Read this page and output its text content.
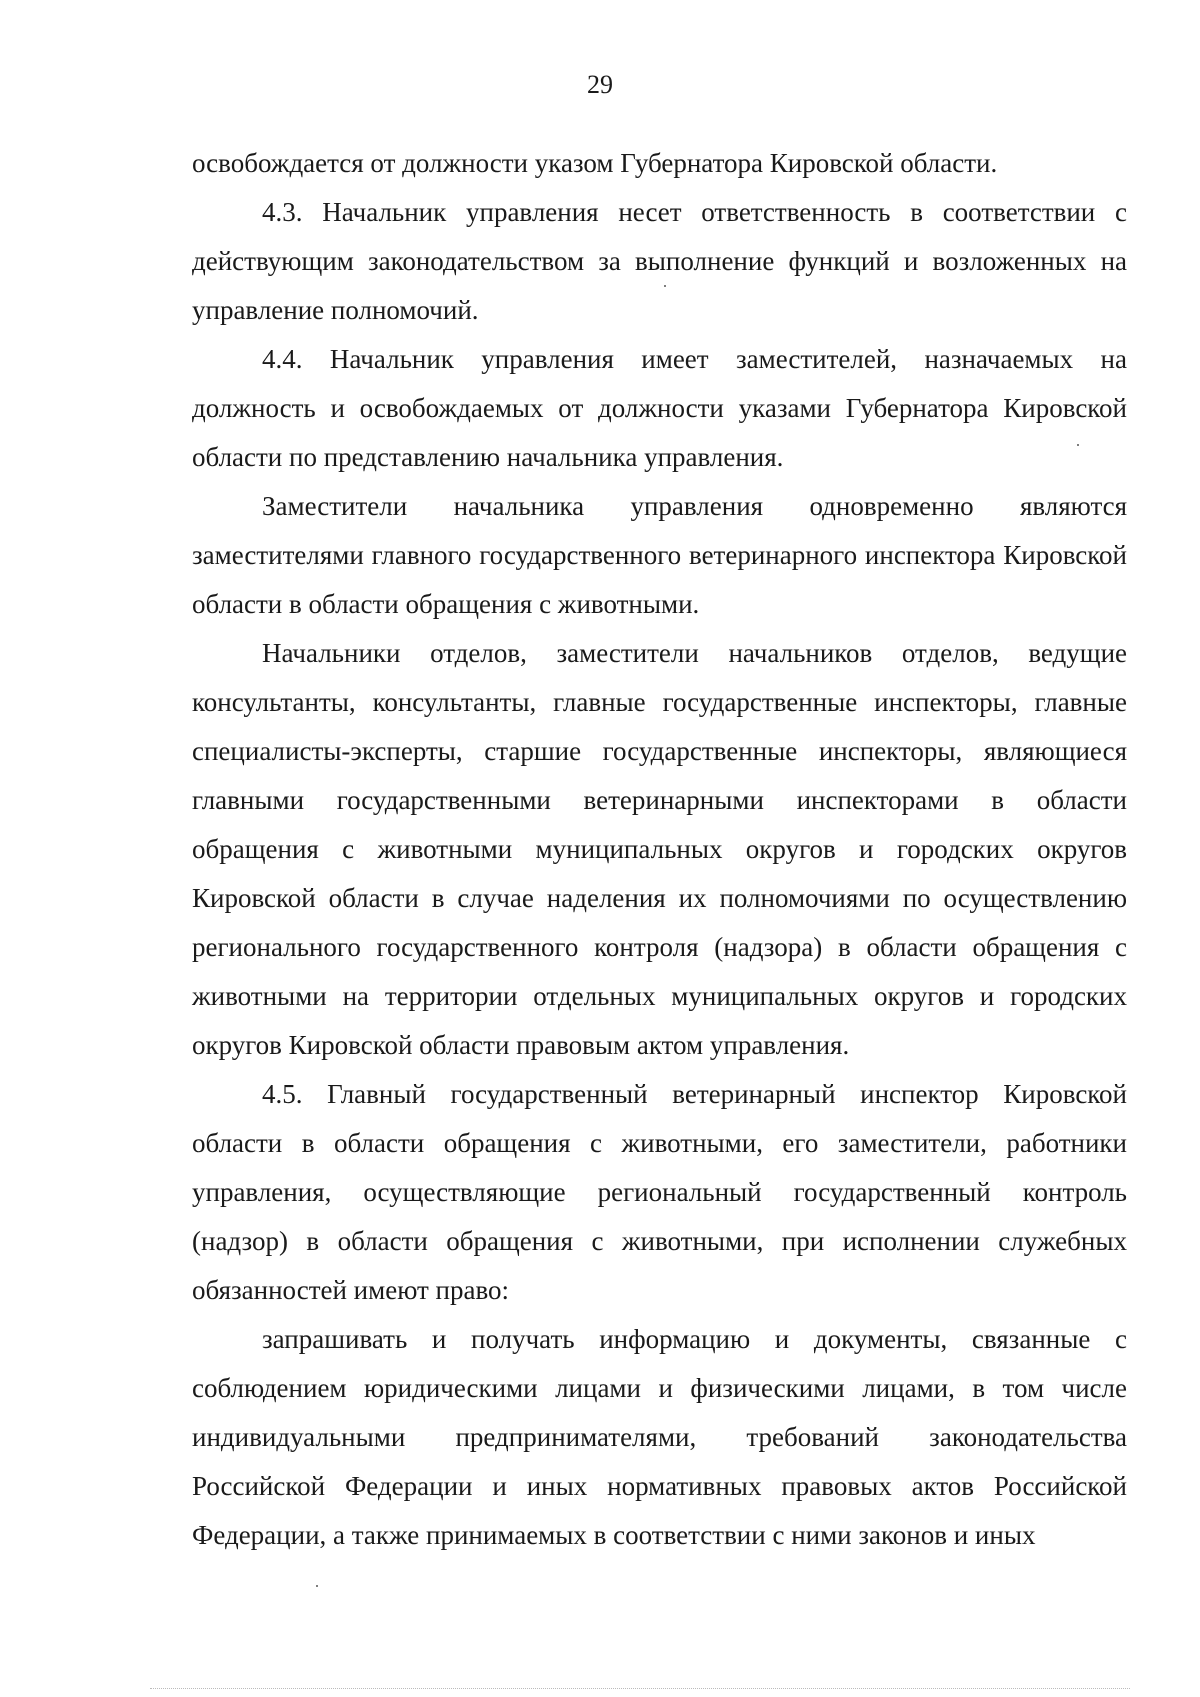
29

освобождается от должности указом Губернатора Кировской области.

4.3. Начальник управления несет ответственность в соответствии с действующим законодательством за выполнение функций и возложенных на управление полномочий.

4.4. Начальник управления имеет заместителей, назначаемых на должность и освобождаемых от должности указами Губернатора Кировской области по представлению начальника управления.

Заместители начальника управления одновременно являются заместителями главного государственного ветеринарного инспектора Кировской области в области обращения с животными.

Начальники отделов, заместители начальников отделов, ведущие консультанты, консультанты, главные государственные инспекторы, главные специалисты-эксперты, старшие государственные инспекторы, являющиеся главными государственными ветеринарными инспекторами в области обращения с животными муниципальных округов и городских округов Кировской области в случае наделения их полномочиями по осуществлению регионального государственного контроля (надзора) в области обращения с животными на территории отдельных муниципальных округов и городских округов Кировской области правовым актом управления.

4.5. Главный государственный ветеринарный инспектор Кировской области в области обращения с животными, его заместители, работники управления, осуществляющие региональный государственный контроль (надзор) в области обращения с животными, при исполнении служебных обязанностей имеют право:

запрашивать и получать информацию и документы, связанные с соблюдением юридическими лицами и физическими лицами, в том числе индивидуальными предпринимателями, требований законодательства Российской Федерации и иных нормативных правовых актов Российской Федерации, а также принимаемых в соответствии с ними законов и иных
